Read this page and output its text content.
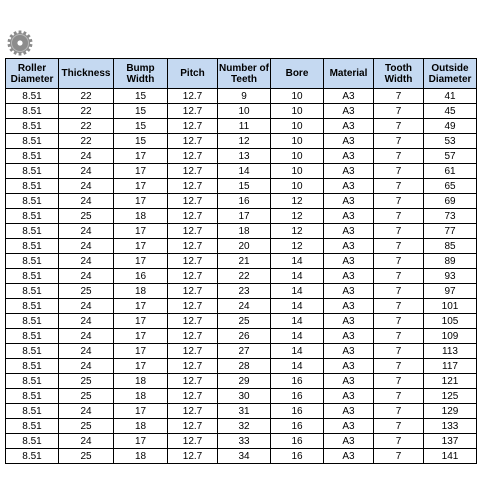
Roller Diameter	Thickness	Bump Width	Pitch	Number of Teeth	Bore	Material	Tooth Width	Outside Diameter
8.51	22	15	12.7	9	10	A3	7	41
8.51	22	15	12.7	10	10	A3	7	45
8.51	22	15	12.7	11	10	A3	7	49
8.51	22	15	12.7	12	10	A3	7	53
8.51	24	17	12.7	13	10	A3	7	57
8.51	24	17	12.7	14	10	A3	7	61
8.51	24	17	12.7	15	10	A3	7	65
8.51	24	17	12.7	16	12	A3	7	69
8.51	25	18	12.7	17	12	A3	7	73
8.51	24	17	12.7	18	12	A3	7	77
8.51	24	17	12.7	20	12	A3	7	85
8.51	24	17	12.7	21	14	A3	7	89
8.51	24	16	12.7	22	14	A3	7	93
8.51	25	18	12.7	23	14	A3	7	97
8.51	24	17	12.7	24	14	A3	7	101
8.51	24	17	12.7	25	14	A3	7	105
8.51	24	17	12.7	26	14	A3	7	109
8.51	24	17	12.7	27	14	A3	7	113
8.51	24	17	12.7	28	14	A3	7	117
8.51	25	18	12.7	29	16	A3	7	121
8.51	25	18	12.7	30	16	A3	7	125
8.51	24	17	12.7	31	16	A3	7	129
8.51	25	18	12.7	32	16	A3	7	133
8.51	24	17	12.7	33	16	A3	7	137
8.51	25	18	12.7	34	16	A3	7	141
